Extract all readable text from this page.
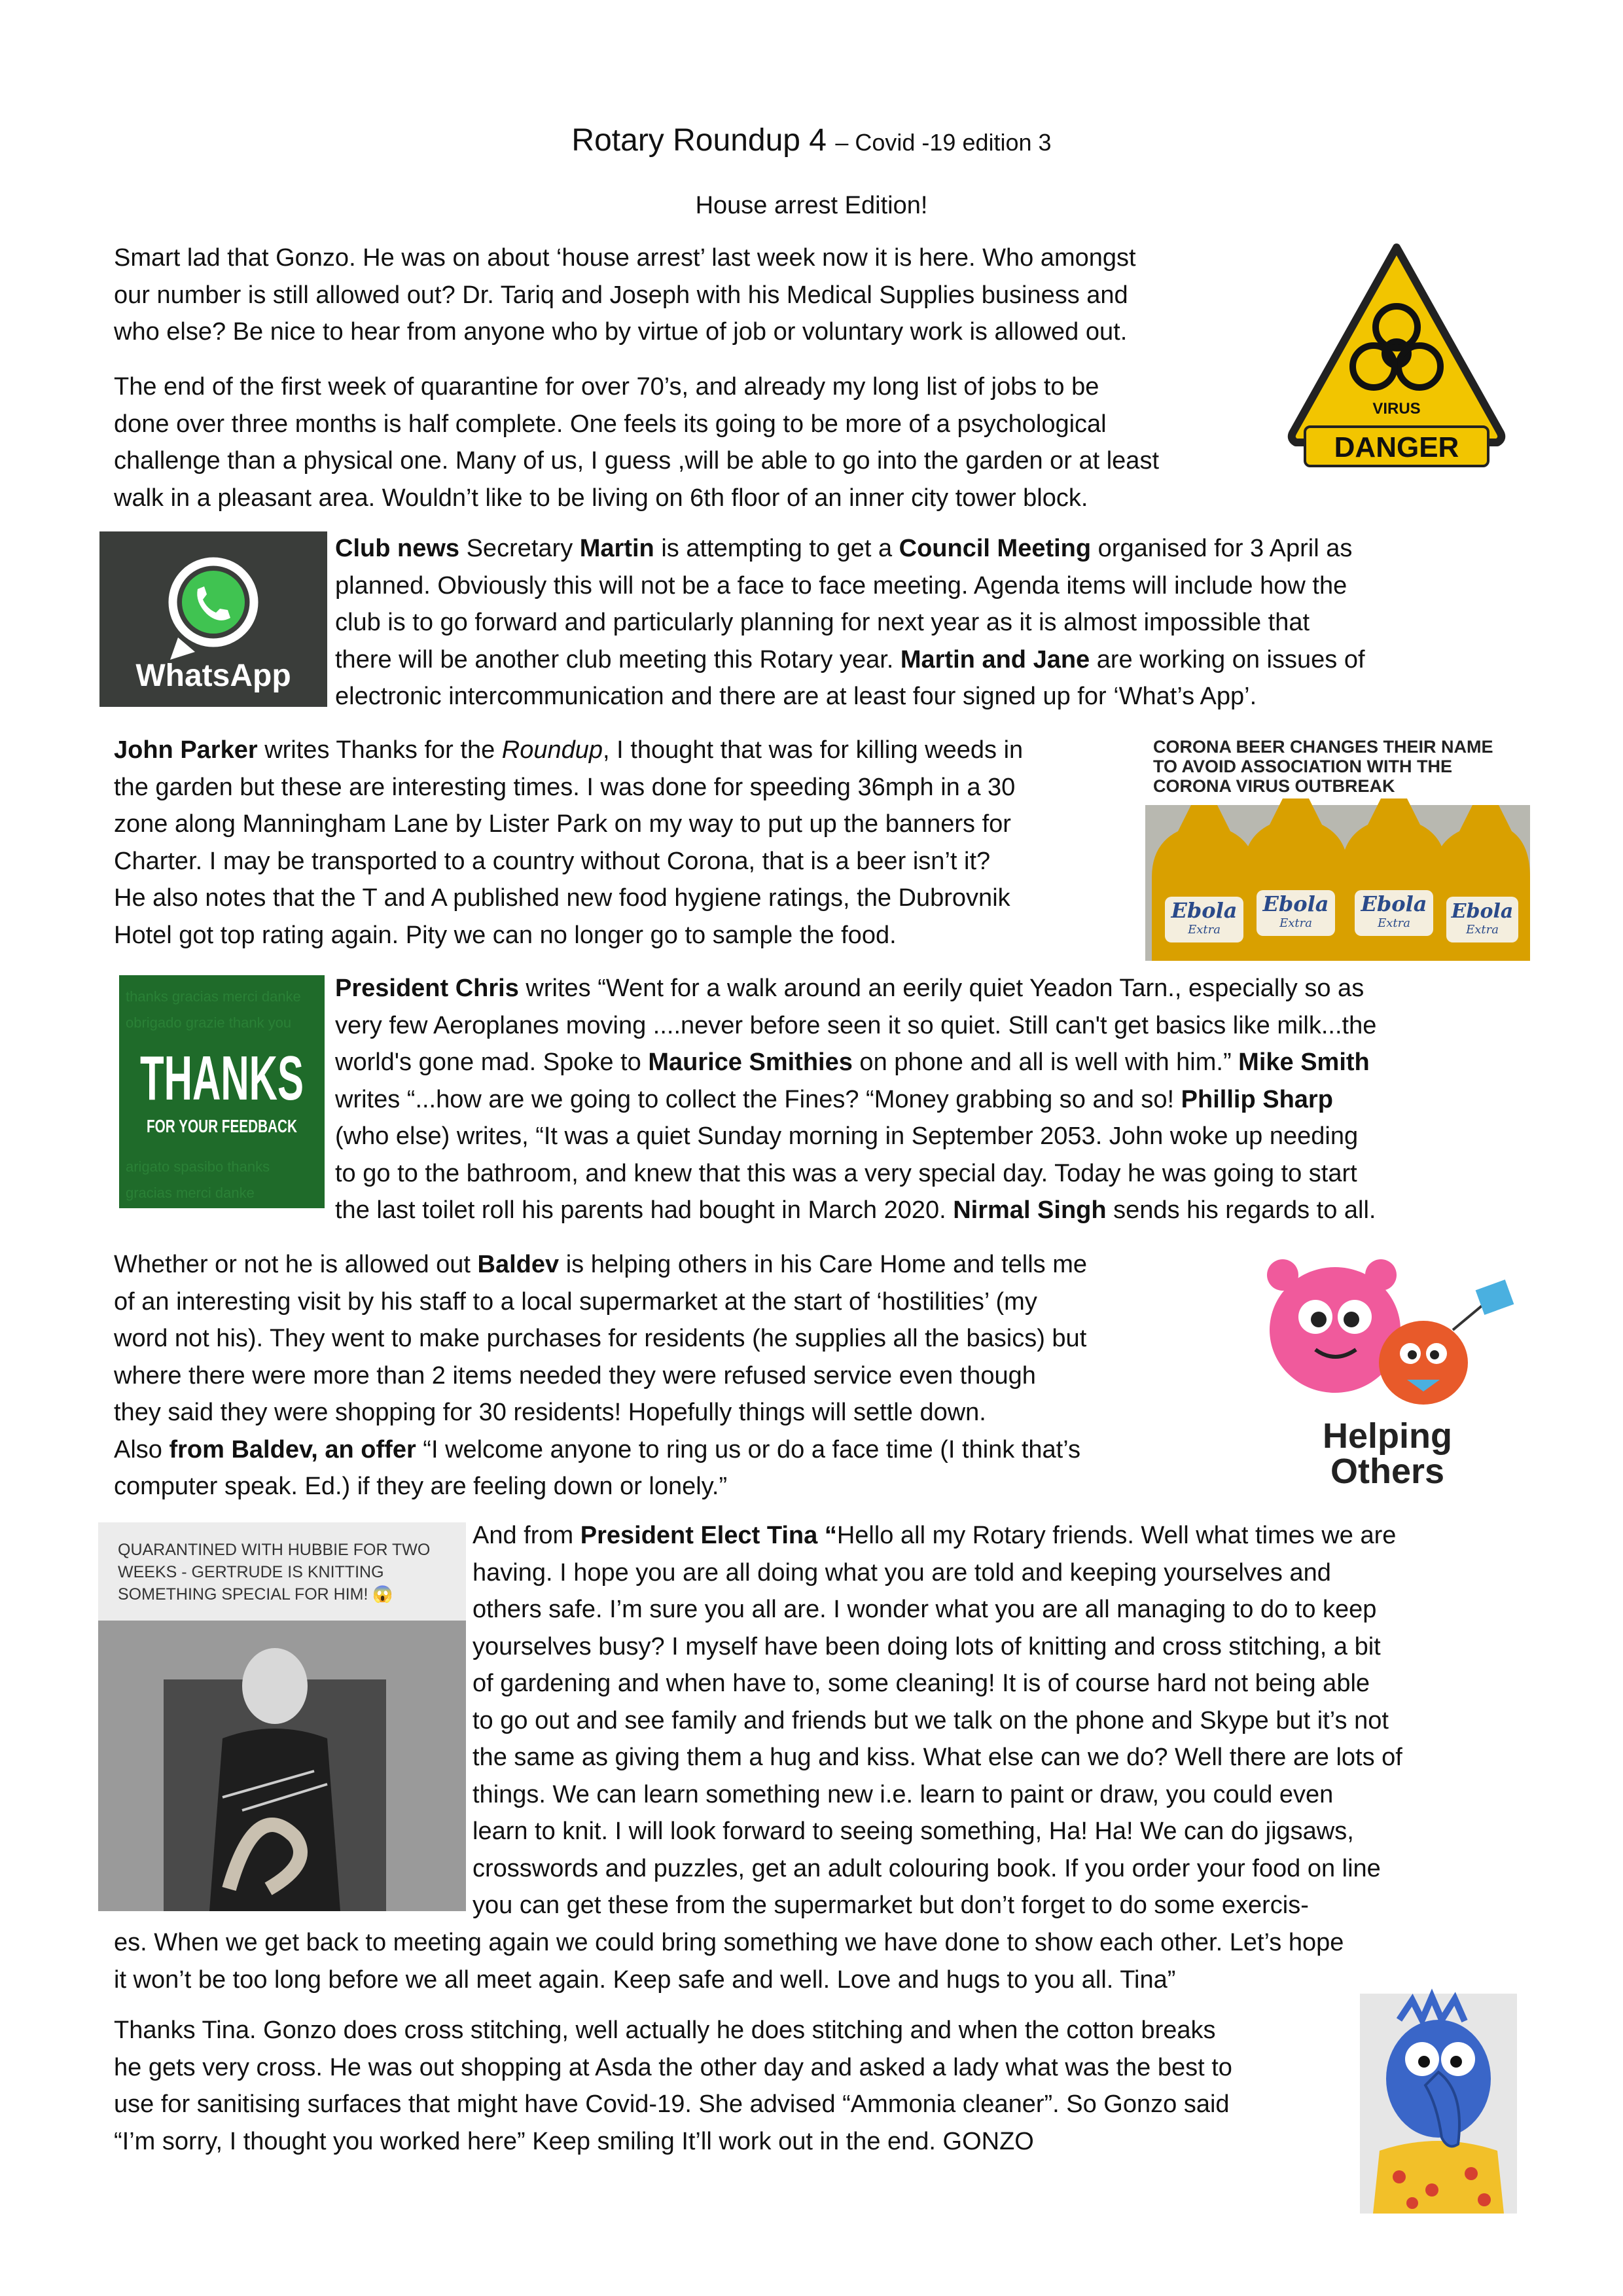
Rotary Roundup 4 – Covid -19 edition 3
House arrest Edition!
Smart lad that Gonzo. He was on about ‘house arrest’ last week now it is here. Who amongst
our number is still allowed out? Dr. Tariq and Joseph with his Medical Supplies business and
who else? Be nice to hear from anyone who by virtue of job or voluntary work is allowed out.
The end of the first week of quarantine for over 70’s, and already my long list of jobs to be
done over three months is half complete. One feels its going to be more of a psychological
challenge than a physical one. Many of us, I guess ,will be able to go into the garden or at least
walk in a pleasant area. Wouldn’t like to be living on 6th floor of an inner city tower block.
VIRUS
DANGER
WhatsApp
Club news Secretary Martin is attempting to get a Council Meeting organised for 3 April as
planned. Obviously this will not be a face to face meeting. Agenda items will include how the
club is to go forward and particularly planning for next year as it is almost impossible that
there will be another club meeting this Rotary year. Martin and Jane are working on issues of
electronic intercommunication and there are at least four signed up for ‘What’s App’.
John Parker writes Thanks for the Roundup, I thought that was for killing weeds in
the garden but these are interesting times. I was done for speeding 36mph in a 30
zone along Manningham Lane by Lister Park on my way to put up the banners for
Charter. I may be transported to a country without Corona, that is a beer isn’t it?
He also notes that the T and A published new food hygiene ratings, the Dubrovnik
Hotel got top rating again. Pity we can no longer go to sample the food.
Ebola Ebola Ebola Ebola
Extra	Extra	Extra	Extra
CORONA BEER CHANGES THEIR NAME
TO AVOID ASSOCIATION WITH THE
CORONA VIRUS OUTBREAK
thanks gracias merci danke
obrigado grazie thank you
arigato spasibo thanks
gracias merci danke
THANKS
FOR YOUR FEEDBACK
President Chris writes “Went for a walk around an eerily quiet Yeadon Tarn., especially so as
very few Aeroplanes moving ....never before seen it so quiet. Still can't get basics like milk...the
world's gone mad. Spoke to Maurice Smithies on phone and all is well with him.” Mike Smith
writes “...how are we going to collect the Fines? “Money grabbing so and so! Phillip Sharp
(who else) writes, “It was a quiet Sunday morning in September 2053. John woke up needing
to go to the bathroom, and knew that this was a very special day. Today he was going to start
the last toilet roll his parents had bought in March 2020. Nirmal Singh sends his regards to all.
Whether or not he is allowed out Baldev is helping others in his Care Home and tells me
of an interesting visit by his staff to a local supermarket at the start of ‘hostilities’ (my
word not his). They went to make purchases for residents (he supplies all the basics) but
where there were more than 2 items needed they were refused service even though
they said they were shopping for 30 residents! Hopefully things will settle down.
Also from Baldev, an offer “I welcome anyone to ring us or do a face time (I think that’s
computer speak. Ed.) if they are feeling down or lonely.”
Helping
Others
QUARANTINED WITH HUBBIE FOR TWO
WEEKS - GERTRUDE IS KNITTING
SOMETHING SPECIAL FOR HIM! 😱
And from President Elect Tina “Hello all my Rotary friends. Well what times we are
having. I hope you are all doing what you are told and keeping yourselves and
others safe. I’m sure you all are. I wonder what you are all managing to do to keep
yourselves busy? I myself have been doing lots of knitting and cross stitching, a bit
of gardening and when have to, some cleaning! It is of course hard not being able
to go out and see family and friends but we talk on the phone and Skype but it’s not
the same as giving them a hug and kiss. What else can we do? Well there are lots of
things. We can learn something new i.e. learn to paint or draw, you could even
learn to knit. I will look forward to seeing something, Ha! Ha! We can do jigsaws,
crosswords and puzzles, get an adult colouring book. If you order your food on line
you can get these from the supermarket but don’t forget to do some exercis-
es. When we get back to meeting again we could bring something we have done to show each other. Let’s hope
it won’t be too long before we all meet again. Keep safe and well. Love and hugs to you all. Tina”
Thanks Tina. Gonzo does cross stitching, well actually he does stitching and when the cotton breaks
he gets very cross. He was out shopping at Asda the other day and asked a lady what was the best to
use for sanitising surfaces that might have Covid-19. She advised “Ammonia cleaner”. So Gonzo said
“I’m sorry, I thought you worked here” Keep smiling It’ll work out in the end. GONZO
